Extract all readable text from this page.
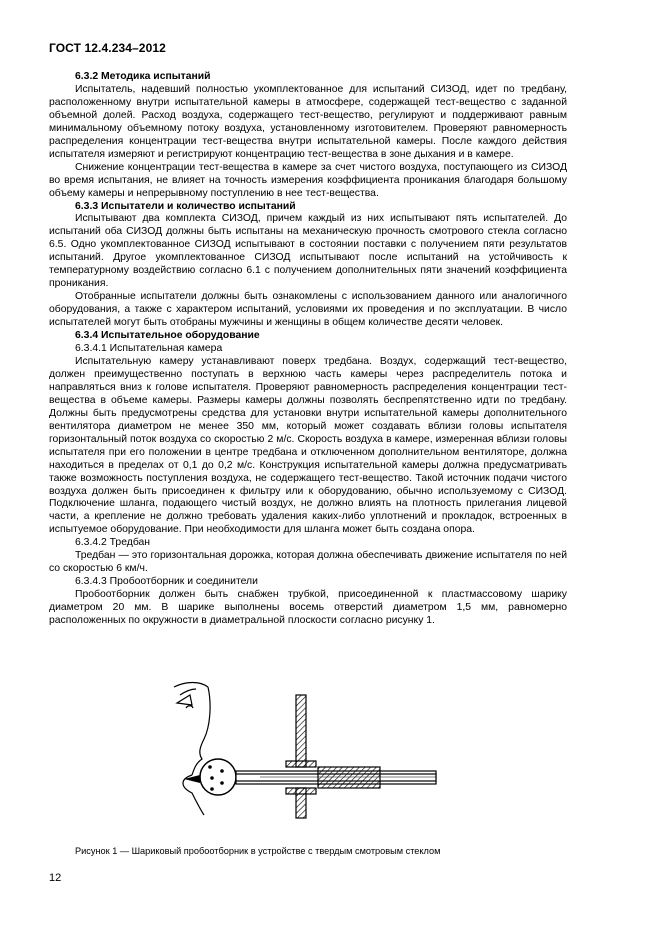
ГОСТ 12.4.234–2012

6.3.2 Методика испытаний

Испытатель, надевший полностью укомплектованное для испытаний СИЗОД, идет по тредбану, расположенному внутри испытательной камеры в атмосфере, содержащей тест-вещество с заданной объемной долей. Расход воздуха, содержащего тест-вещество, регулируют и поддерживают равным минимальному объемному потоку воздуха, установленному изготовителем. Проверяют равномерность распределения концентрации тест-вещества внутри испытательной камеры. После каждого действия испытателя измеряют и регистрируют концентрацию тест-вещества в зоне дыхания и в камере.

Снижение концентрации тест-вещества в камере за счет чистого воздуха, поступающего из СИЗОД во время испытания, не влияет на точность измерения коэффициента проникания благодаря большому объему камеры и непрерывному поступлению в нее тест-вещества.

6.3.3 Испытатели и количество испытаний

Испытывают два комплекта СИЗОД, причем каждый из них испытывают пять испытателей. До испытаний оба СИЗОД должны быть испытаны на механическую прочность смотрового стекла согласно 6.5. Одно укомплектованное СИЗОД испытывают в состоянии поставки с получением пяти результатов испытаний. Другое укомплектованное СИЗОД испытывают после испытаний на устойчивость к температурному воздействию согласно 6.1 с получением дополнительных пяти значений коэффициента проникания.

Отобранные испытатели должны быть ознакомлены с использованием данного или аналогичного оборудования, а также с характером испытаний, условиями их проведения и по эксплуатации. В число испытателей могут быть отобраны мужчины и женщины в общем количестве десяти человек.

6.3.4 Испытательное оборудование

6.3.4.1 Испытательная камера

Испытательную камеру устанавливают поверх тредбана. Воздух, содержащий тест-вещество, должен преимущественно поступать в верхнюю часть камеры через распределитель потока и направляться вниз к голове испытателя. Проверяют равномерность распределения концентрации тест-вещества в объеме камеры. Размеры камеры должны позволять беспрепятственно идти по тредбану. Должны быть предусмотрены средства для установки внутри испытательной камеры дополнительного вентилятора диаметром не менее 350 мм, который может создавать вблизи головы испытателя горизонтальный поток воздуха со скоростью 2 м/с. Скорость воздуха в камере, измеренная вблизи головы испытателя при его положении в центре тредбана и отключенном дополнительном вентиляторе, должна находиться в пределах от 0,1 до 0,2 м/с. Конструкция испытательной камеры должна предусматривать также возможность поступления воздуха, не содержащего тест-вещество. Такой источник подачи чистого воздуха должен быть присоединен к фильтру или к оборудованию, обычно используемому с СИЗОД. Подключение шланга, подающего чистый воздух, не должно влиять на плотность прилегания лицевой части, а крепление не должно требовать удаления каких-либо уплотнений и прокладок, встроенных в испытуемое оборудование. При необходимости для шланга может быть создана опора.

6.3.4.2 Тредбан

Тредбан — это горизонтальная дорожка, которая должна обеспечивать движение испытателя по ней со скоростью 6 км/ч.

6.3.4.3 Пробоотборник и соединители

Пробоотборник должен быть снабжен трубкой, присоединенной к пластмассовому шарику диаметром 20 мм. В шарике выполнены восемь отверстий диаметром 1,5 мм, равномерно расположенных по окружности в диаметральной плоскости согласно рисунку 1.

Рисунок 1 — Шариковый пробоотборник в устройстве с твердым смотровым стеклом
12
